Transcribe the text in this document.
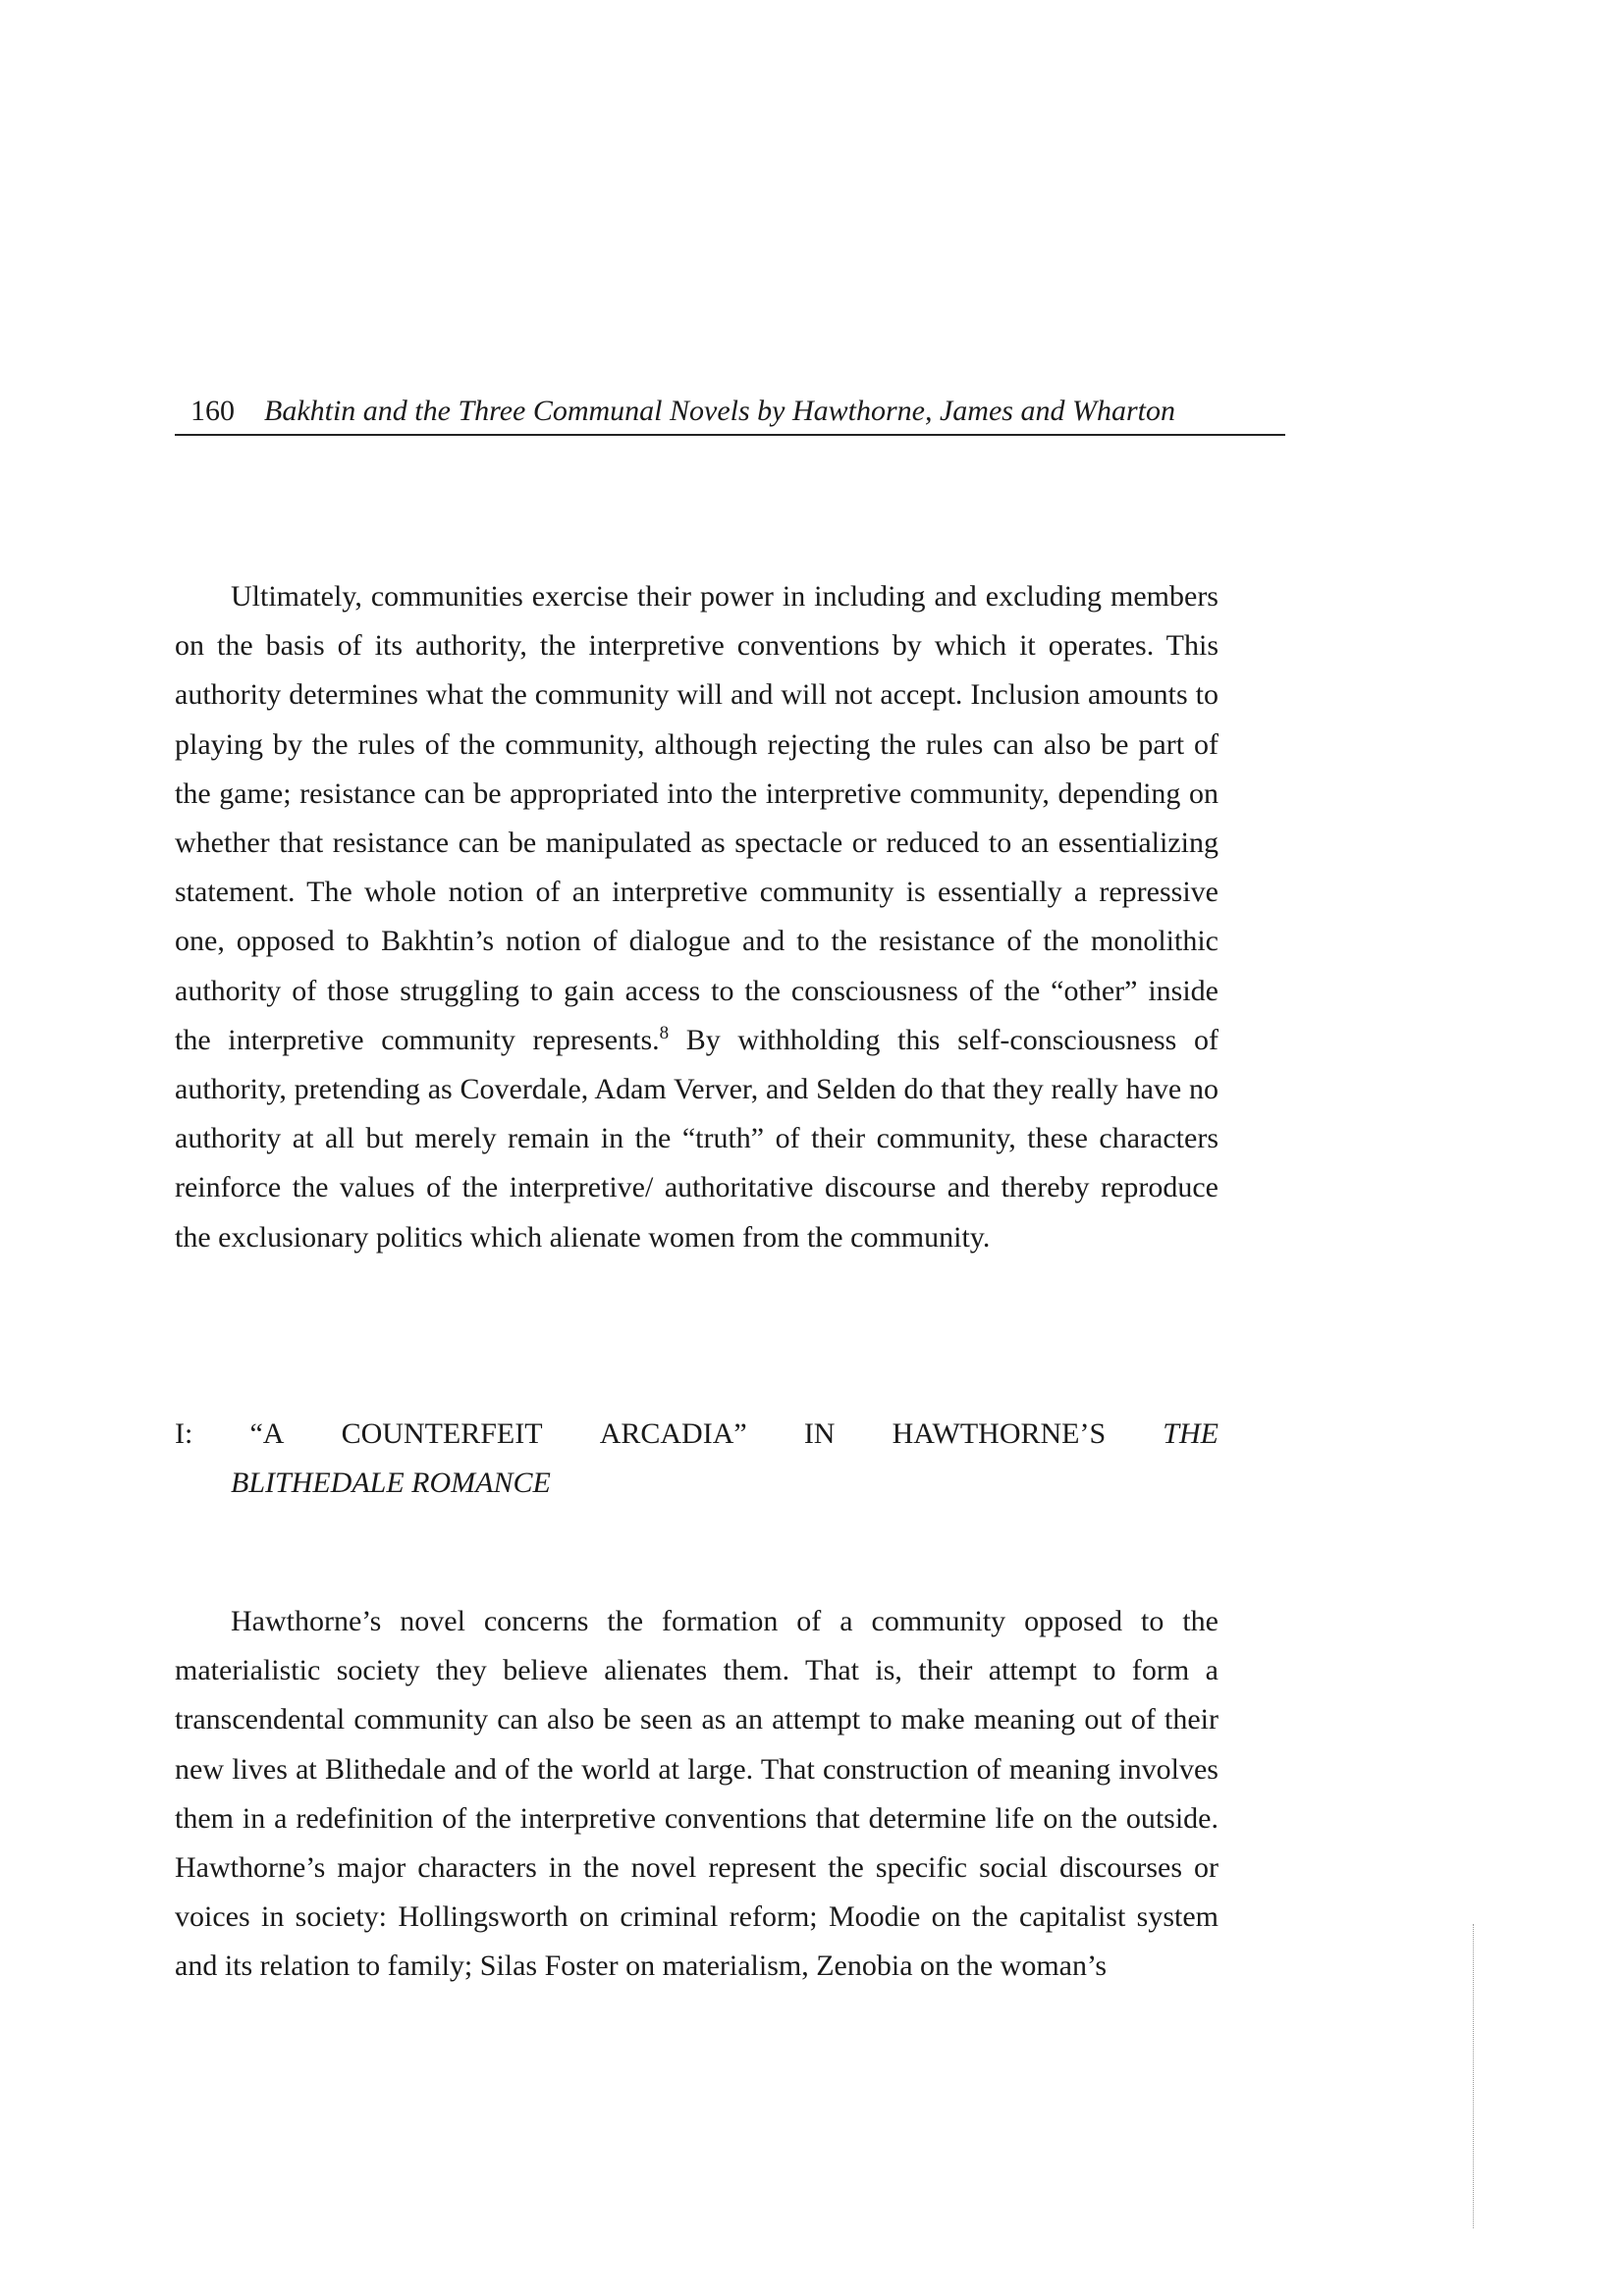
160 Bakhtin and the Three Communal Novels by Hawthorne, James and Wharton

Ultimately, communities exercise their power in including and excluding members on the basis of its authority, the interpretive conventions by which it operates. This authority determines what the community will and will not accept. Inclusion amounts to playing by the rules of the community, although rejecting the rules can also be part of the game; resistance can be appropriated into the interpretive community, depending on whether that resistance can be manipulated as spectacle or reduced to an essentializing statement. The whole notion of an interpretive community is essentially a repressive one, opposed to Bakhtin’s notion of dialogue and to the resistance of the monolithic authority of those struggling to gain access to the consciousness of the “other” inside the interpretive community represents.$^8$ By withholding this self-consciousness of authority, pretending as Coverdale, Adam Verver, and Selden do that they really have no authority at all but merely remain in the “truth” of their community, these characters reinforce the values of the interpretive/ authoritative discourse and thereby reproduce the exclusionary politics which alienate women from the community.

I: “A COUNTERFEIT ARCADIA” IN HAWTHORNE’S THE
BLITHEDALE ROMANCE

Hawthorne’s novel concerns the formation of a community opposed to the materialistic society they believe alienates them. That is, their attempt to form a transcendental community can also be seen as an attempt to make meaning out of their new lives at Blithedale and of the world at large. That construction of meaning involves them in a redefinition of the interpretive conventions that determine life on the outside. Hawthorne’s major characters in the novel represent the specific social discourses or voices in society: Hollingsworth on criminal reform; Moodie on the capitalist system and its relation to family; Silas Foster on materialism, Zenobia on the woman’s
